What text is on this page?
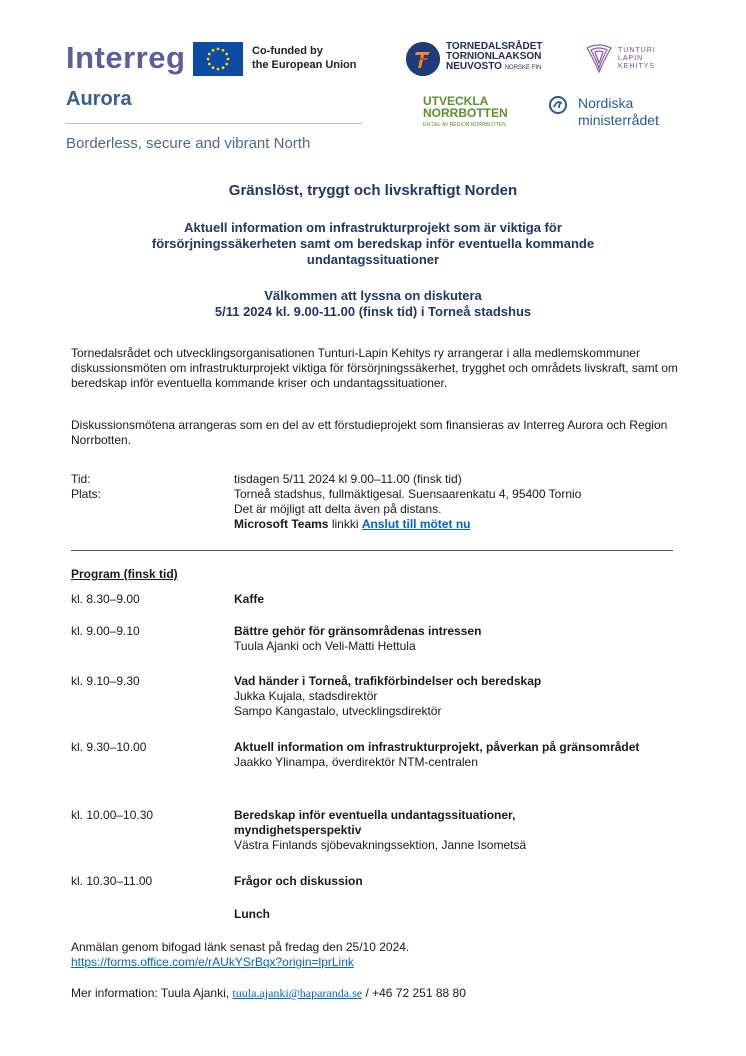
Interreg	Co-funded by
the European Union
Aurora
Borderless, secure and vibrant North
TORNEDALSRÅDET
TORNIONLAAKSON
NEUVOSTO NORSKE FIN
TUNTURI
LAPIN
KEHITYS
UTVECKLA
NORRBOTTEN
EN DEL AV REGION NORRBOTTEN
Nordiska
ministerrådet
Gränslöst, tryggt och livskraftigt Norden
Aktuell information om infrastrukturprojekt som är viktiga för
försörjningssäkerheten samt om beredskap inför eventuella kommande
undantagssituationer
Välkommen att lyssna on diskutera
5/11 2024 kl. 9.00-11.00 (finsk tid) i Torneå stadshus

Tornedalsrådet och utvecklingsorganisationen Tunturi-Lapin Kehitys ry arrangerar i alla medlemskommuner diskussionsmöten om infrastrukturprojekt viktiga för försörjningssäkerhet, trygghet och områdets livskraft, samt om beredskap inför eventuella kommande kriser och undantagssituationer.

Diskussionsmötena arrangeras som en del av ett förstudieprojekt som finansieras av Interreg Aurora och Region Norrbotten.

Tid:	tisdagen 5/11 2024 kl 9.00–11.00 (finsk tid)
Plats:	Torneå stadshus, fullmäktigesal. Suensaarenkatu 4, 95400 Tornio
Det är möjligt att delta även på distans.
Microsoft Teams linkki Anslut till mötet nu
Program (finsk tid)
kl. 8.30–9.00	Kaffe
kl. 9.00–9.10	Bättre gehör för gränsområdenas intressen
Tuula Ajanki och Veli-Matti Hettula
kl. 9.10–9.30	Vad händer i Torneå, trafikförbindelser och beredskap
Jukka Kujala, stadsdirektör
Sampo Kangastalo, utvecklingsdirektör
kl. 9.30–10.00	Aktuell information om infrastrukturprojekt, påverkan på gränsområdet
Jaakko Ylinampa, överdirektör NTM-centralen
kl. 10.00–10.30	Beredskap inför eventuella undantagssituationer, myndighetsperspektiv
Västra Finlands sjöbevakningssektion, Janne Isometsä
kl. 10.30–11.00	Frågor och diskussion
Lunch
Anmälan genom bifogad länk senast på fredag den 25/10 2024.
https://forms.office.com/e/rAUkYSrBqx?origin=lprLink
Mer information: Tuula Ajanki, tuula.ajanki@haparanda.se / +46 72 251 88 80
